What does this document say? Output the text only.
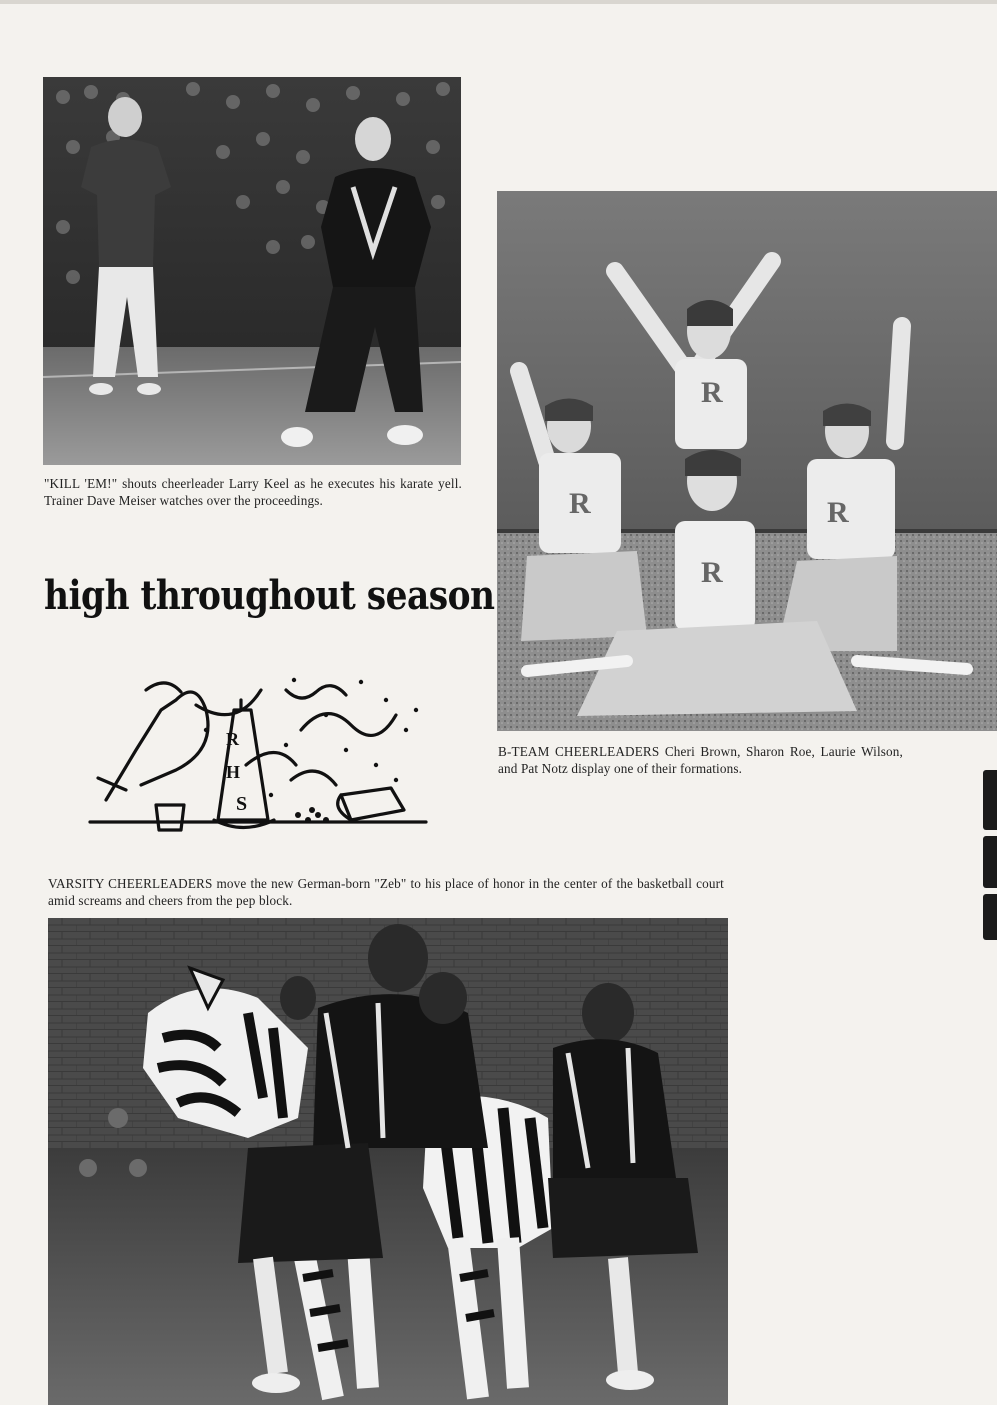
"KILL 'EM!" shouts cheerleader Larry Keel as he executes his karate yell. Trainer Dave Meiser watches over the proceedings.
high throughout season
R
H
S
R
R	R
R
B-TEAM CHEERLEADERS Cheri Brown, Sharon Roe, Laurie Wilson, and Pat Notz display one of their formations.
VARSITY CHEERLEADERS move the new German-born "Zeb" to his place of honor in the center of the basketball court amid screams and cheers from the pep block.
